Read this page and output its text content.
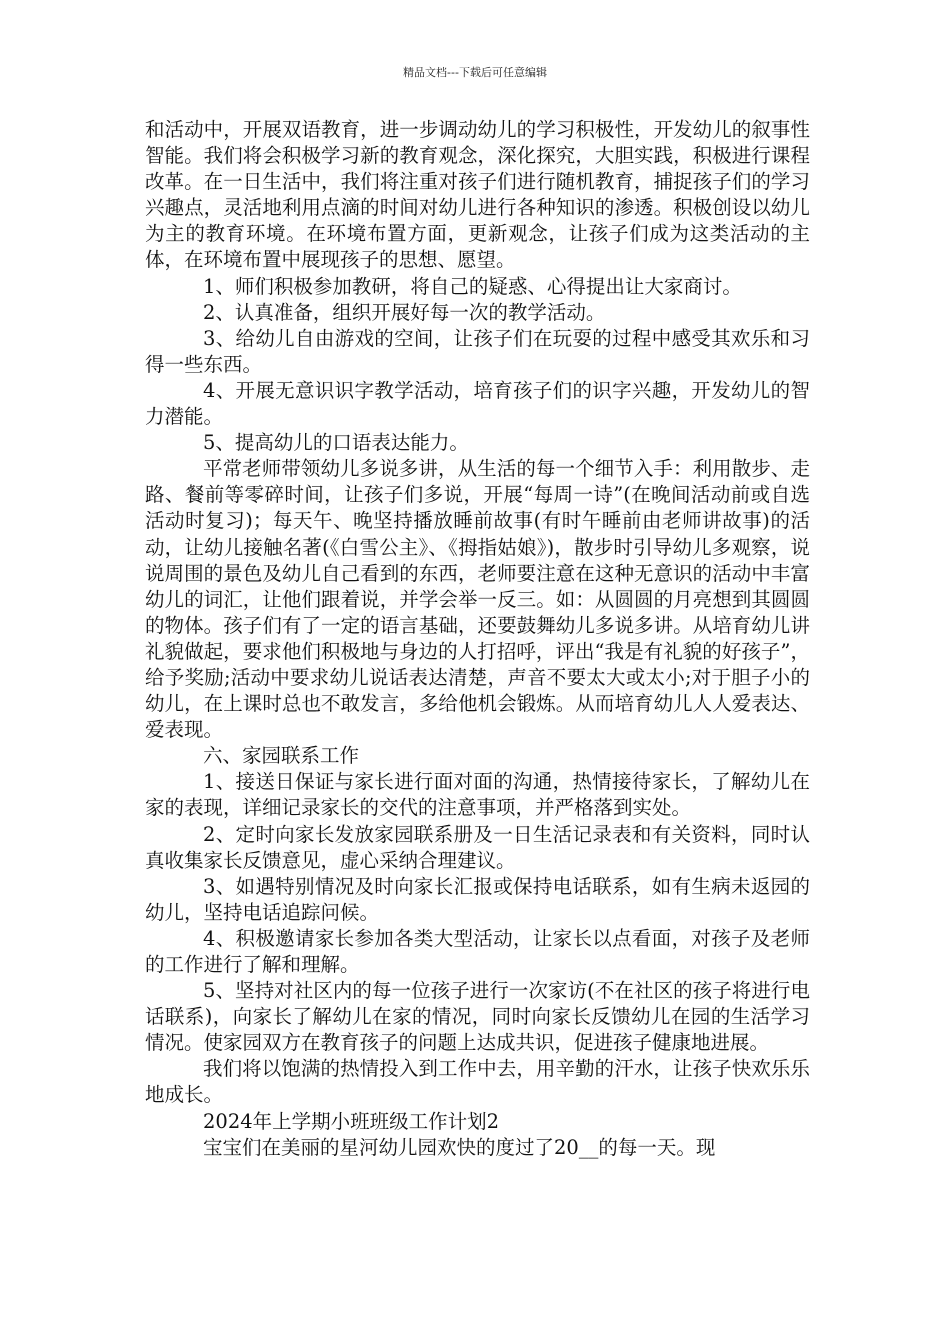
精品文档---下载后可任意编辑

和活动中，开展双语教育，进一步调动幼儿的学习积极性，开发幼儿的叙事性智能。我们将会积极学习新的教育观念，深化探究，大胆实践，积极进行课程改革。在一日生活中，我们将注重对孩子们进行随机教育，捕捉孩子们的学习兴趣点，灵活地利用点滴的时间对幼儿进行各种知识的渗透。积极创设以幼儿为主的教育环境。在环境布置方面，更新观念，让孩子们成为这类活动的主体，在环境布置中展现孩子的思想、愿望。

1、师们积极参加教研，将自己的疑惑、心得提出让大家商讨。

2、认真准备，组织开展好每一次的教学活动。

3、给幼儿自由游戏的空间，让孩子们在玩耍的过程中感受其欢乐和习得一些东西。

4、开展无意识识字教学活动，培育孩子们的识字兴趣，开发幼儿的智力潜能。

5、提高幼儿的口语表达能力。

平常老师带领幼儿多说多讲，从生活的每一个细节入手：利用散步、走路、餐前等零碎时间，让孩子们多说，开展“每周一诗”(在晚间活动前或自选活动时复习)；每天午、晚坚持播放睡前故事(有时午睡前由老师讲故事)的活动，让幼儿接触名著(《白雪公主》、《拇指姑娘》)，散步时引导幼儿多观察，说说周围的景色及幼儿自己看到的东西，老师要注意在这种无意识的活动中丰富幼儿的词汇，让他们跟着说，并学会举一反三。如：从圆圆的月亮想到其圆圆的物体。孩子们有了一定的语言基础，还要鼓舞幼儿多说多讲。从培育幼儿讲礼貌做起，要求他们积极地与身边的人打招呼，评出“我是有礼貌的好孩子”，给予奖励;活动中要求幼儿说话表达清楚，声音不要太大或太小;对于胆子小的幼儿，在上课时总也不敢发言，多给他机会锻炼。从而培育幼儿人人爱表达、爱表现。

六、家园联系工作

1、接送日保证与家长进行面对面的沟通，热情接待家长，了解幼儿在家的表现，详细记录家长的交代的注意事项，并严格落到实处。

2、定时向家长发放家园联系册及一日生活记录表和有关资料，同时认真收集家长反馈意见，虚心采纳合理建议。

3、如遇特别情况及时向家长汇报或保持电话联系，如有生病未返园的幼儿，坚持电话追踪问候。

4、积极邀请家长参加各类大型活动，让家长以点看面，对孩子及老师的工作进行了解和理解。

5、坚持对社区内的每一位孩子进行一次家访(不在社区的孩子将进行电话联系)，向家长了解幼儿在家的情况，同时向家长反馈幼儿在园的生活学习情况。使家园双方在教育孩子的问题上达成共识，促进孩子健康地进展。

我们将以饱满的热情投入到工作中去，用辛勤的汗水，让孩子快欢乐乐地成长。

2024年上学期小班班级工作计划2

宝宝们在美丽的星河幼儿园欢快的度过了20__的每一天。现
